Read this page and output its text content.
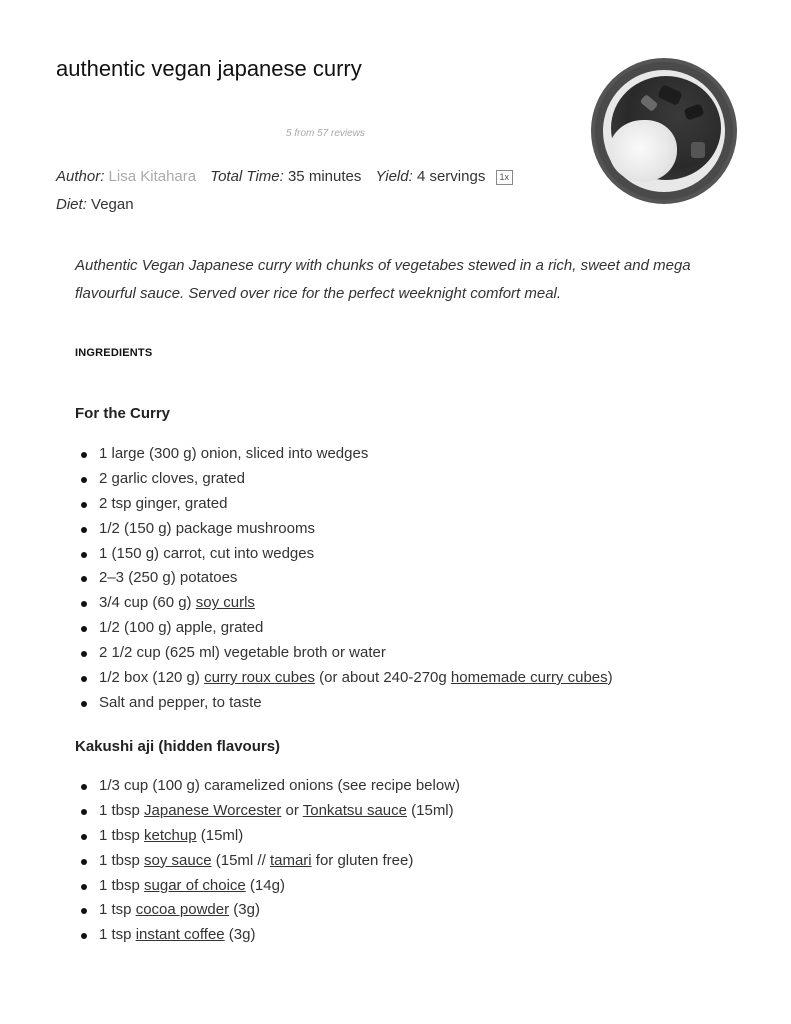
authentic vegan japanese curry
5 from 57 reviews
Author: Lisa Kitahara Total Time: 35 minutes Yield: 4 servings 1x
Diet: Vegan

Authentic Vegan Japanese curry with chunks of vegetabes stewed in a rich, sweet and mega flavourful sauce. Served over rice for the perfect weeknight comfort meal.

INGREDIENTS
For the Curry
1 large (300 g) onion, sliced into wedges
2 garlic cloves, grated
2 tsp ginger, grated
1/2 (150 g) package mushrooms
1 (150 g) carrot, cut into wedges
2–3 (250 g) potatoes
3/4 cup (60 g) soy curls
1/2 (100 g) apple, grated
2 1/2 cup (625 ml) vegetable broth or water
1/2 box (120 g) curry roux cubes (or about 240-270g homemade curry cubes)
Salt and pepper, to taste
Kakushi aji (hidden flavours)
1/3 cup (100 g) caramelized onions (see recipe below)
1 tbsp Japanese Worcester or Tonkatsu sauce (15ml)
1 tbsp ketchup (15ml)
1 tbsp soy sauce (15ml // tamari for gluten free)
1 tbsp sugar of choice (14g)
1 tsp cocoa powder (3g)
1 tsp instant coffee (3g)
